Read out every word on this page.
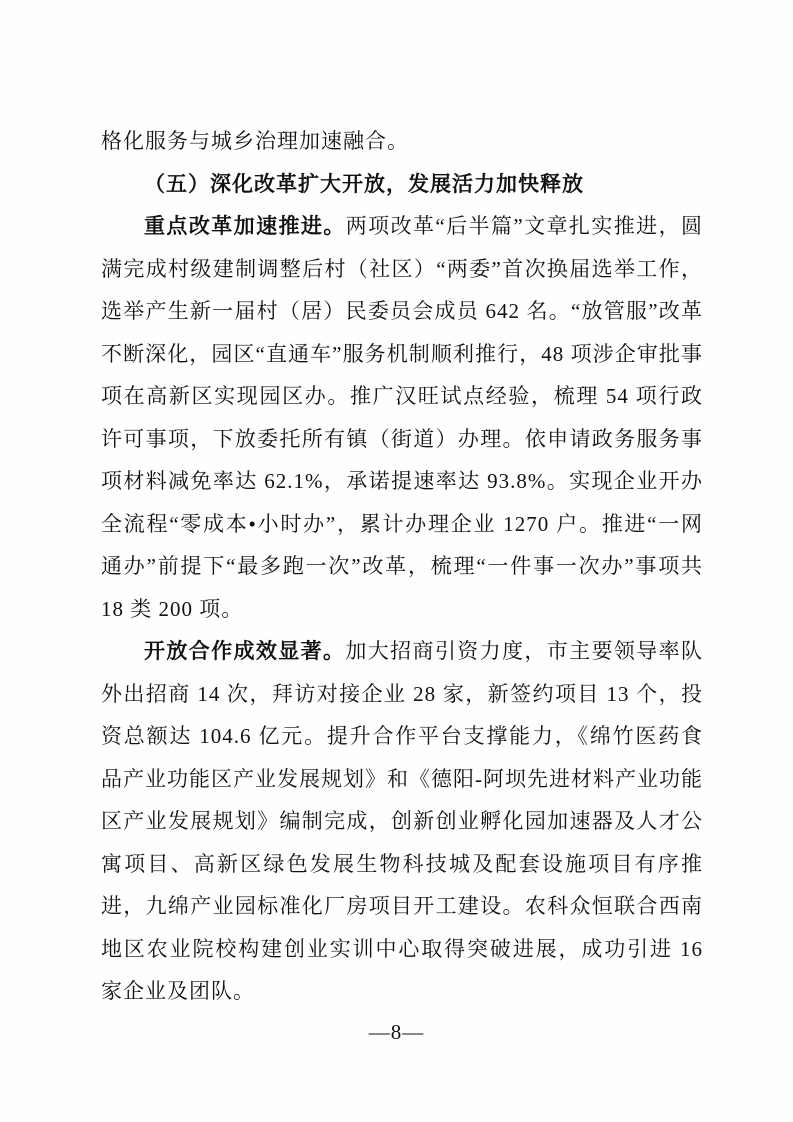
格化服务与城乡治理加速融合。

（五）深化改革扩大开放，发展活力加快释放

重点改革加速推进。两项改革“后半篇”文章扎实推进，圆满完成村级建制调整后村（社区）“两委”首次换届选举工作，选举产生新一届村（居）民委员会成员 642 名。“放管服”改革不断深化，园区“直通车”服务机制顺利推行，48 项涉企审批事项在高新区实现园区办。推广汉旺试点经验，梳理 54 项行政许可事项，下放委托所有镇（街道）办理。依申请政务服务事项材料减免率达 62.1%，承诺提速率达 93.8%。实现企业开办全流程“零成本•小时办”，累计办理企业 1270 户。推进“一网通办”前提下“最多跑一次”改革，梳理“一件事一次办”事项共 18 类 200 项。

开放合作成效显著。加大招商引资力度，市主要领导率队外出招商 14 次，拜访对接企业 28 家，新签约项目 13 个，投资总额达 104.6 亿元。提升合作平台支撑能力，《绵竹医药食品产业功能区产业发展规划》和《德阳-阿坝先进材料产业功能区产业发展规划》编制完成，创新创业孵化园加速器及人才公寓项目、高新区绿色发展生物科技城及配套设施项目有序推进，九绵产业园标准化厂房项目开工建设。农科众恒联合西南地区农业院校构建创业实训中心取得突破进展，成功引进 16 家企业及团队。

—8—
